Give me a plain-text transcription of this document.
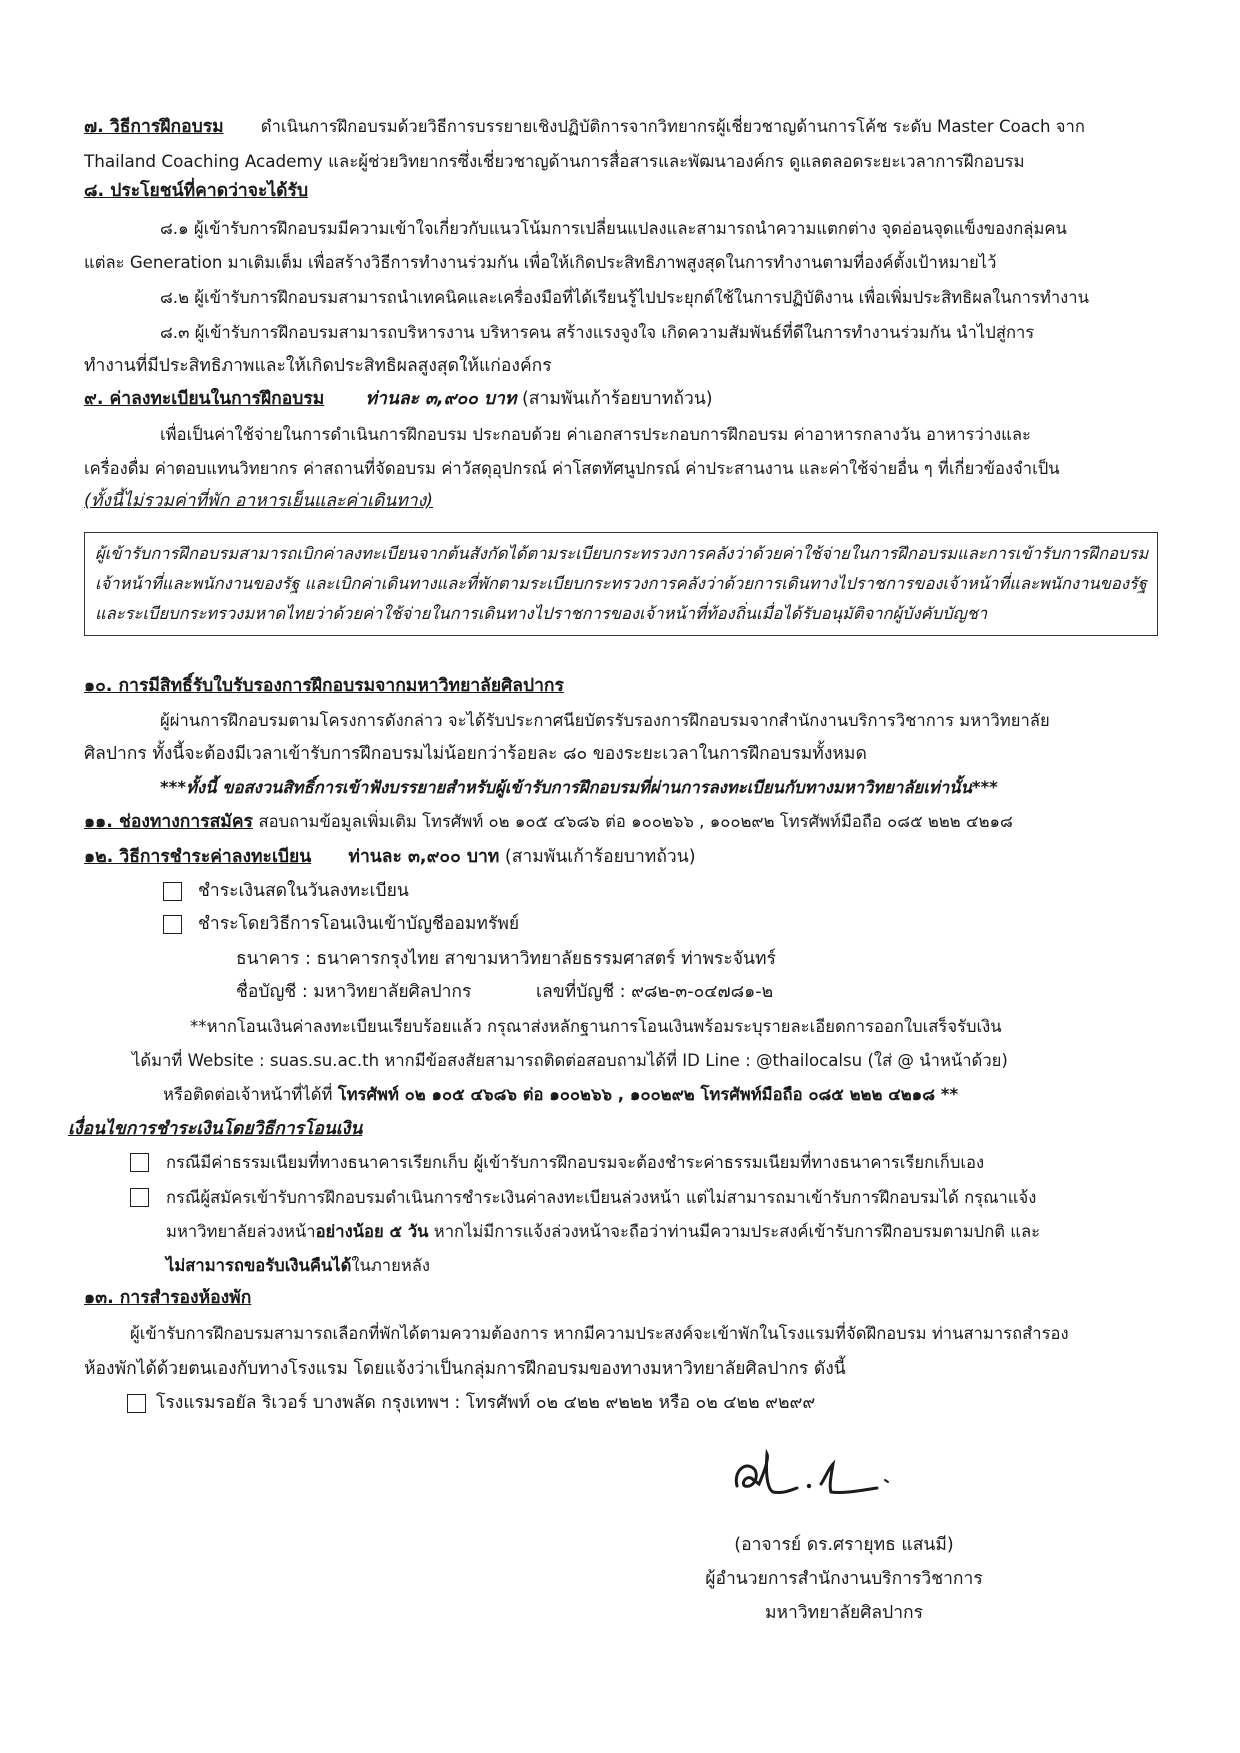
๗. วิธีการฝึกอบรม ดำเนินการฝึกอบรมด้วยวิธีการบรรยายเชิงปฏิบัติการจากวิทยากรผู้เชี่ยวชาญด้านการโค้ช ระดับ Master Coach จาก
Thailand Coaching Academy และผู้ช่วยวิทยากรซึ่งเชี่ยวชาญด้านการสื่อสารและพัฒนาองค์กร ดูแลตลอดระยะเวลาการฝึกอบรม
๘. ประโยชน์ที่คาดว่าจะได้รับ
๘.๑ ผู้เข้ารับการฝึกอบรมมีความเข้าใจเกี่ยวกับแนวโน้มการเปลี่ยนแปลงและสามารถนำความแตกต่าง จุดอ่อนจุดแข็งของกลุ่มคน
แต่ละ Generation มาเติมเต็ม เพื่อสร้างวิธีการทำงานร่วมกัน เพื่อให้เกิดประสิทธิภาพสูงสุดในการทำงานตามที่องค์ตั้งเป้าหมายไว้
๘.๒ ผู้เข้ารับการฝึกอบรมสามารถนำเทคนิคและเครื่องมือที่ได้เรียนรู้ไปประยุกต์ใช้ในการปฏิบัติงาน เพื่อเพิ่มประสิทธิผลในการทำงาน
๘.๓ ผู้เข้ารับการฝึกอบรมสามารถบริหารงาน บริหารคน สร้างแรงจูงใจ เกิดความสัมพันธ์ที่ดีในการทำงานร่วมกัน นำไปสู่การ
ทำงานที่มีประสิทธิภาพและให้เกิดประสิทธิผลสูงสุดให้แก่องค์กร
๙. ค่าลงทะเบียนในการฝึกอบรม ท่านละ ๓,๙๐๐ บาท (สามพันเก้าร้อยบาทถ้วน)
เพื่อเป็นค่าใช้จ่ายในการดำเนินการฝึกอบรม ประกอบด้วย ค่าเอกสารประกอบการฝึกอบรม ค่าอาหารกลางวัน อาหารว่างและ
เครื่องดื่ม ค่าตอบแทนวิทยากร ค่าสถานที่จัดอบรม ค่าวัสดุอุปกรณ์ ค่าโสตทัศนูปกรณ์ ค่าประสานงาน และค่าใช้จ่ายอื่น ๆ ที่เกี่ยวข้องจำเป็น
(ทั้งนี้ไม่รวมค่าที่พัก อาหารเย็นและค่าเดินทาง)
ผู้เข้ารับการฝึกอบรมสามารถเบิกค่าลงทะเบียนจากต้นสังกัดได้ตามระเบียบกระทรวงการคลังว่าด้วยค่าใช้จ่ายในการฝึกอบรมและการเข้ารับการฝึกอบรม
เจ้าหน้าที่และพนักงานของรัฐ และเบิกค่าเดินทางและที่พักตามระเบียบกระทรวงการคลังว่าด้วยการเดินทางไปราชการของเจ้าหน้าที่และพนักงานของรัฐ
และระเบียบกระทรวงมหาดไทยว่าด้วยค่าใช้จ่ายในการเดินทางไปราชการของเจ้าหน้าที่ท้องถิ่นเมื่อได้รับอนุมัติจากผู้บังคับบัญชา
๑๐. การมีสิทธิ์รับใบรับรองการฝึกอบรมจากมหาวิทยาลัยศิลปากร
ผู้ผ่านการฝึกอบรมตามโครงการดังกล่าว จะได้รับประกาศนียบัตรรับรองการฝึกอบรมจากสำนักงานบริการวิชาการ มหาวิทยาลัย
ศิลปากร ทั้งนี้จะต้องมีเวลาเข้ารับการฝึกอบรมไม่น้อยกว่าร้อยละ ๘๐ ของระยะเวลาในการฝึกอบรมทั้งหมด
***ทั้งนี้ ขอสงวนสิทธิ์การเข้าฟังบรรยายสำหรับผู้เข้ารับการฝึกอบรมที่ผ่านการลงทะเบียนกับทางมหาวิทยาลัยเท่านั้น***
๑๑. ช่องทางการสมัคร สอบถามข้อมูลเพิ่มเติม โทรศัพท์ ๐๒ ๑๐๕ ๔๖๘๖ ต่อ ๑๐๐๒๖๖ , ๑๐๐๒๙๒ โทรศัพท์มือถือ ๐๘๕ ๒๒๒ ๔๒๑๘
๑๒. วิธีการชำระค่าลงทะเบียน ท่านละ ๓,๙๐๐ บาท (สามพันเก้าร้อยบาทถ้วน)
ชำระเงินสดในวันลงทะเบียน
ชำระโดยวิธีการโอนเงินเข้าบัญชีออมทรัพย์
ธนาคาร : ธนาคารกรุงไทย สาขามหาวิทยาลัยธรรมศาสตร์ ท่าพระจันทร์
ชื่อบัญชี : มหาวิทยาลัยศิลปากร	เลขที่บัญชี : ๙๘๒-๓-๐๔๗๘๑-๒
**หากโอนเงินค่าลงทะเบียนเรียบร้อยแล้ว กรุณาส่งหลักฐานการโอนเงินพร้อมระบุรายละเอียดการออกใบเสร็จรับเงิน
ได้มาที่ Website : suas.su.ac.th หากมีข้อสงสัยสามารถติดต่อสอบถามได้ที่ ID Line : @thailocalsu (ใส่ @ นำหน้าด้วย)
หรือติดต่อเจ้าหน้าที่ได้ที่ โทรศัพท์ ๐๒ ๑๐๕ ๔๖๘๖ ต่อ ๑๐๐๒๖๖ , ๑๐๐๒๙๒ โทรศัพท์มือถือ ๐๘๕ ๒๒๒ ๔๒๑๘ **
เงื่อนไขการชำระเงินโดยวิธีการโอนเงิน
กรณีมีค่าธรรมเนียมที่ทางธนาคารเรียกเก็บ ผู้เข้ารับการฝึกอบรมจะต้องชำระค่าธรรมเนียมที่ทางธนาคารเรียกเก็บเอง
กรณีผู้สมัครเข้ารับการฝึกอบรมดำเนินการชำระเงินค่าลงทะเบียนล่วงหน้า แต่ไม่สามารถมาเข้ารับการฝึกอบรมได้ กรุณาแจ้ง
มหาวิทยาลัยล่วงหน้าอย่างน้อย ๕ วัน หากไม่มีการแจ้งล่วงหน้าจะถือว่าท่านมีความประสงค์เข้ารับการฝึกอบรมตามปกติ และ
ไม่สามารถขอรับเงินคืนได้ในภายหลัง
๑๓. การสำรองห้องพัก
ผู้เข้ารับการฝึกอบรมสามารถเลือกที่พักได้ตามความต้องการ หากมีความประสงค์จะเข้าพักในโรงแรมที่จัดฝึกอบรม ท่านสามารถสำรอง
ห้องพักได้ด้วยตนเองกับทางโรงแรม โดยแจ้งว่าเป็นกลุ่มการฝึกอบรมของทางมหาวิทยาลัยศิลปากร ดังนี้
โรงแรมรอยัล ริเวอร์ บางพลัด กรุงเทพฯ : โทรศัพท์ ๐๒ ๔๒๒ ๙๒๒๒ หรือ ๐๒ ๔๒๒ ๙๒๙๙
(อาจารย์ ดร.ศรายุทธ แสนมี)
ผู้อำนวยการสำนักงานบริการวิชาการ
มหาวิทยาลัยศิลปากร
